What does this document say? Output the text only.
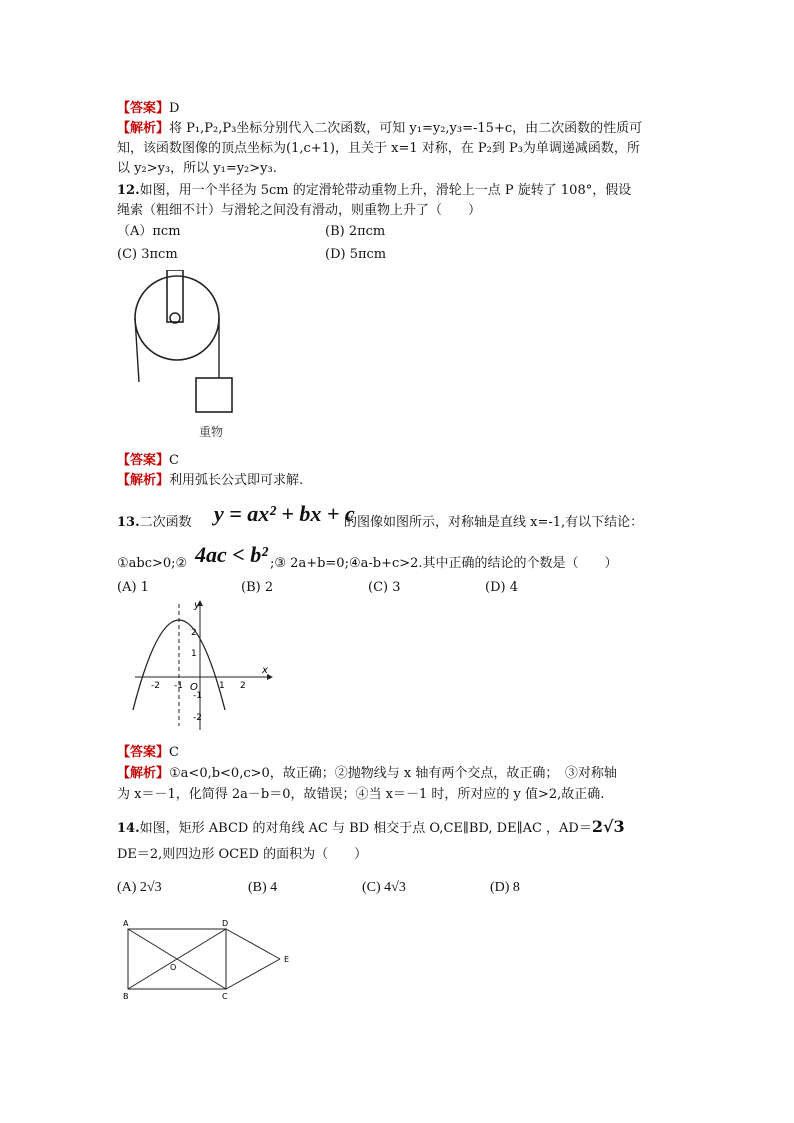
【答案】D
【解析】将 P₁,P₂,P₃坐标分别代入二次函数，可知 y₁=y₂,y₃=-15+c，由二次函数的性质可
知，该函数图像的顶点坐标为(1,c+1)，且关于 x=1 对称，在 P₂到 P₃为单调递减函数，所
以 y₂>y₃，所以 y₁=y₂>y₃.
12.如图，用一个半径为 5cm 的定滑轮带动重物上升，滑轮上一点 P 旋转了 108°，假设
绳索（粗细不计）与滑轮之间没有滑动，则重物上升了（　　）
（A）πcm	(B) 2πcm
(C) 3πcm	(D) 5πcm
重物
【答案】C
【解析】利用弧长公式即可求解.
13.二次函数 y = ax² + bx + c
的图像如图所示，对称轴是直线 x=-1,有以下结论：
①abc>0;② 4ac < b² ;③ 2a+b=0;④a-b+c>2.其中正确的结论的个数是（　　）
(A) 1	(B) 2	(C) 3	(D) 4
x
y
O
-2 -1	1 2
2
1
-1
-2
【答案】C
【解析】①a<0,b<0,c>0，故正确；②抛物线与 x 轴有两个交点，故正确；　③对称轴
为 x＝－1，化简得 2a－b＝0，故错误；④当 x＝－1 时，所对应的 y 值>2,故正确.
14.如图，矩形 ABCD 的对角线 AC 与 BD 相交于点 O,CE∥BD, DE∥AC ，AD＝2√3
DE＝2,则四边形 OCED 的面积为（　　）
(A) 2√3	(B) 4	(C) 4√3	(D) 8
A	D
B	C
O
E
